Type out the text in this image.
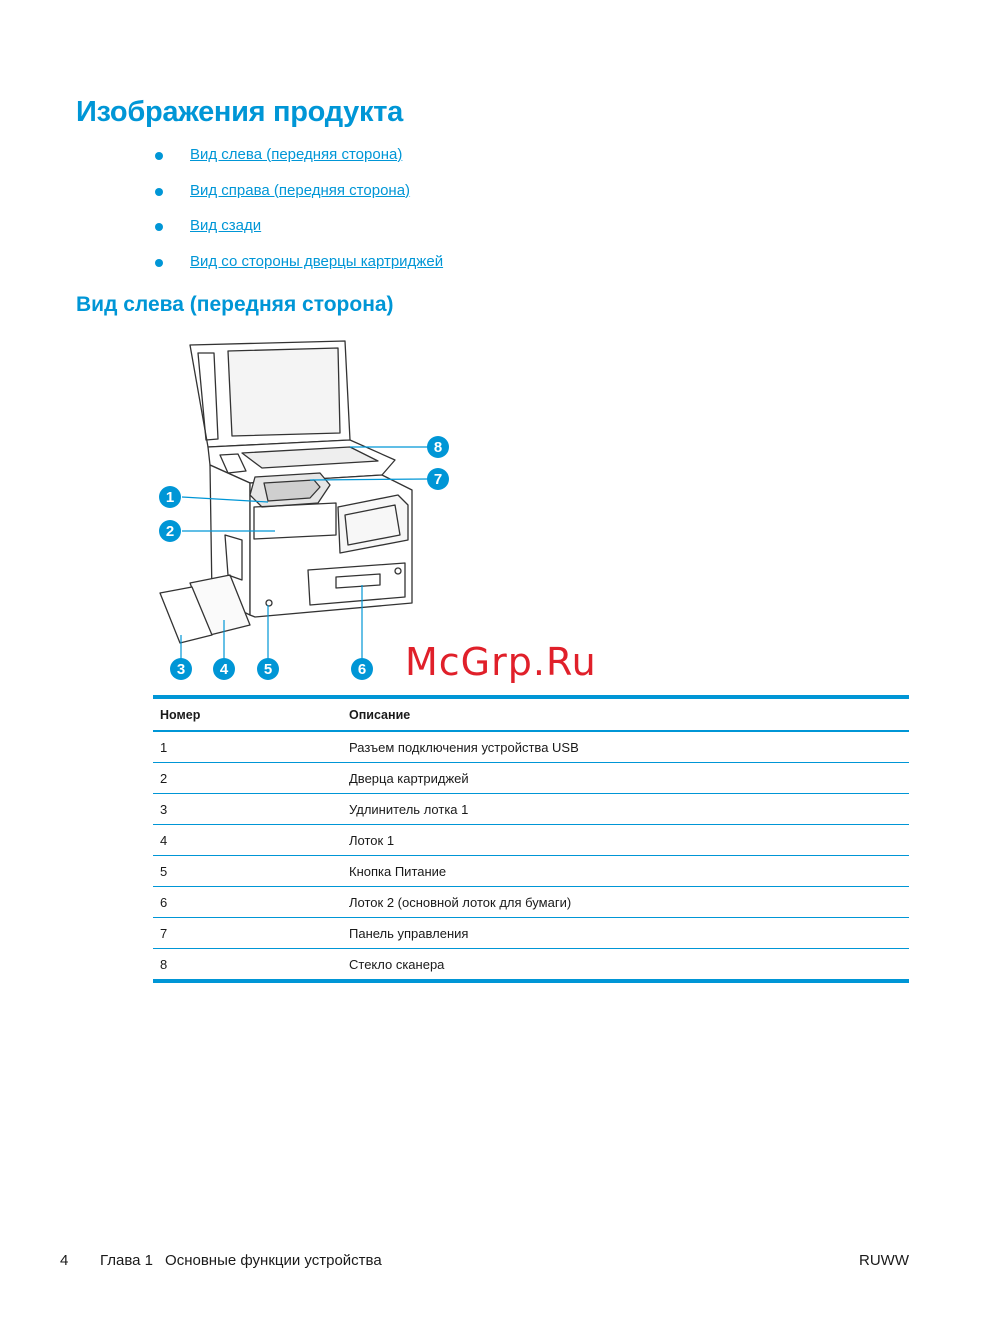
Изображения продукта
Вид слева (передняя сторона)
Вид справа (передняя сторона)
Вид сзади
Вид со стороны дверцы картриджей
Вид слева (передняя сторона)
1
2
3 4 5	6
7
8
McGrp.Ru
Номер	Описание
1	Разъем подключения устройства USB
2	Дверца картриджей
3	Удлинитель лотка 1
4	Лоток 1
5	Кнопка Питание
6	Лоток 2 (основной лоток для бумаги)
7	Панель управления
8	Стекло сканера
4	Глава 1 Основные функции устройства	RUWW
